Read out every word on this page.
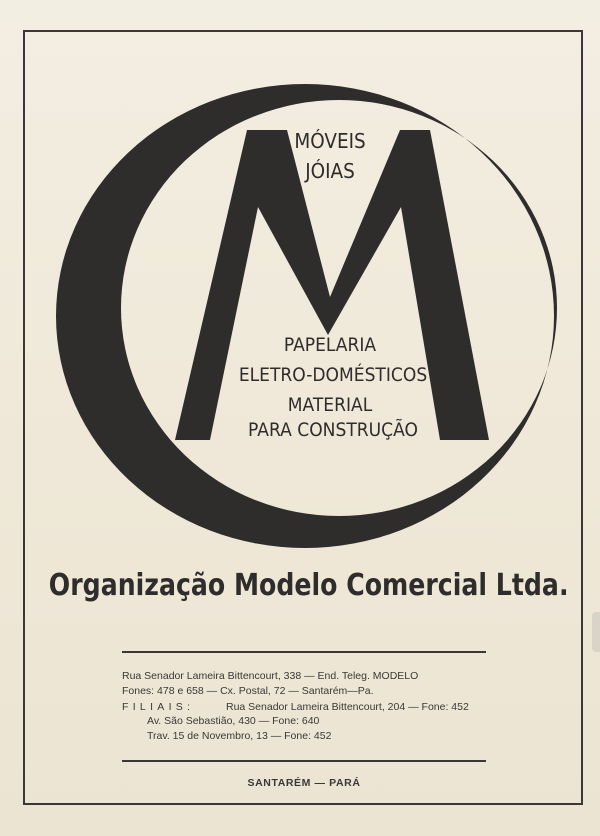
MÓVEIS
JÓIAS
PAPELARIA
ELETRO-DOMÉSTICOS
MATERIAL
PARA CONSTRUÇÃO
Organização Modelo Comercial Ltda.
Rua Senador Lameira Bittencourt, 338 — End. Teleg. MODELO
Fones: 478 e 658 — Cx. Postal, 72 — Santarém—Pa.
FILIAIS:	Rua Senador Lameira Bittencourt, 204 — Fone: 452
Av. São Sebastião, 430 — Fone: 640
Trav. 15 de Novembro, 13 — Fone: 452
SANTARÉM — PARÁ
